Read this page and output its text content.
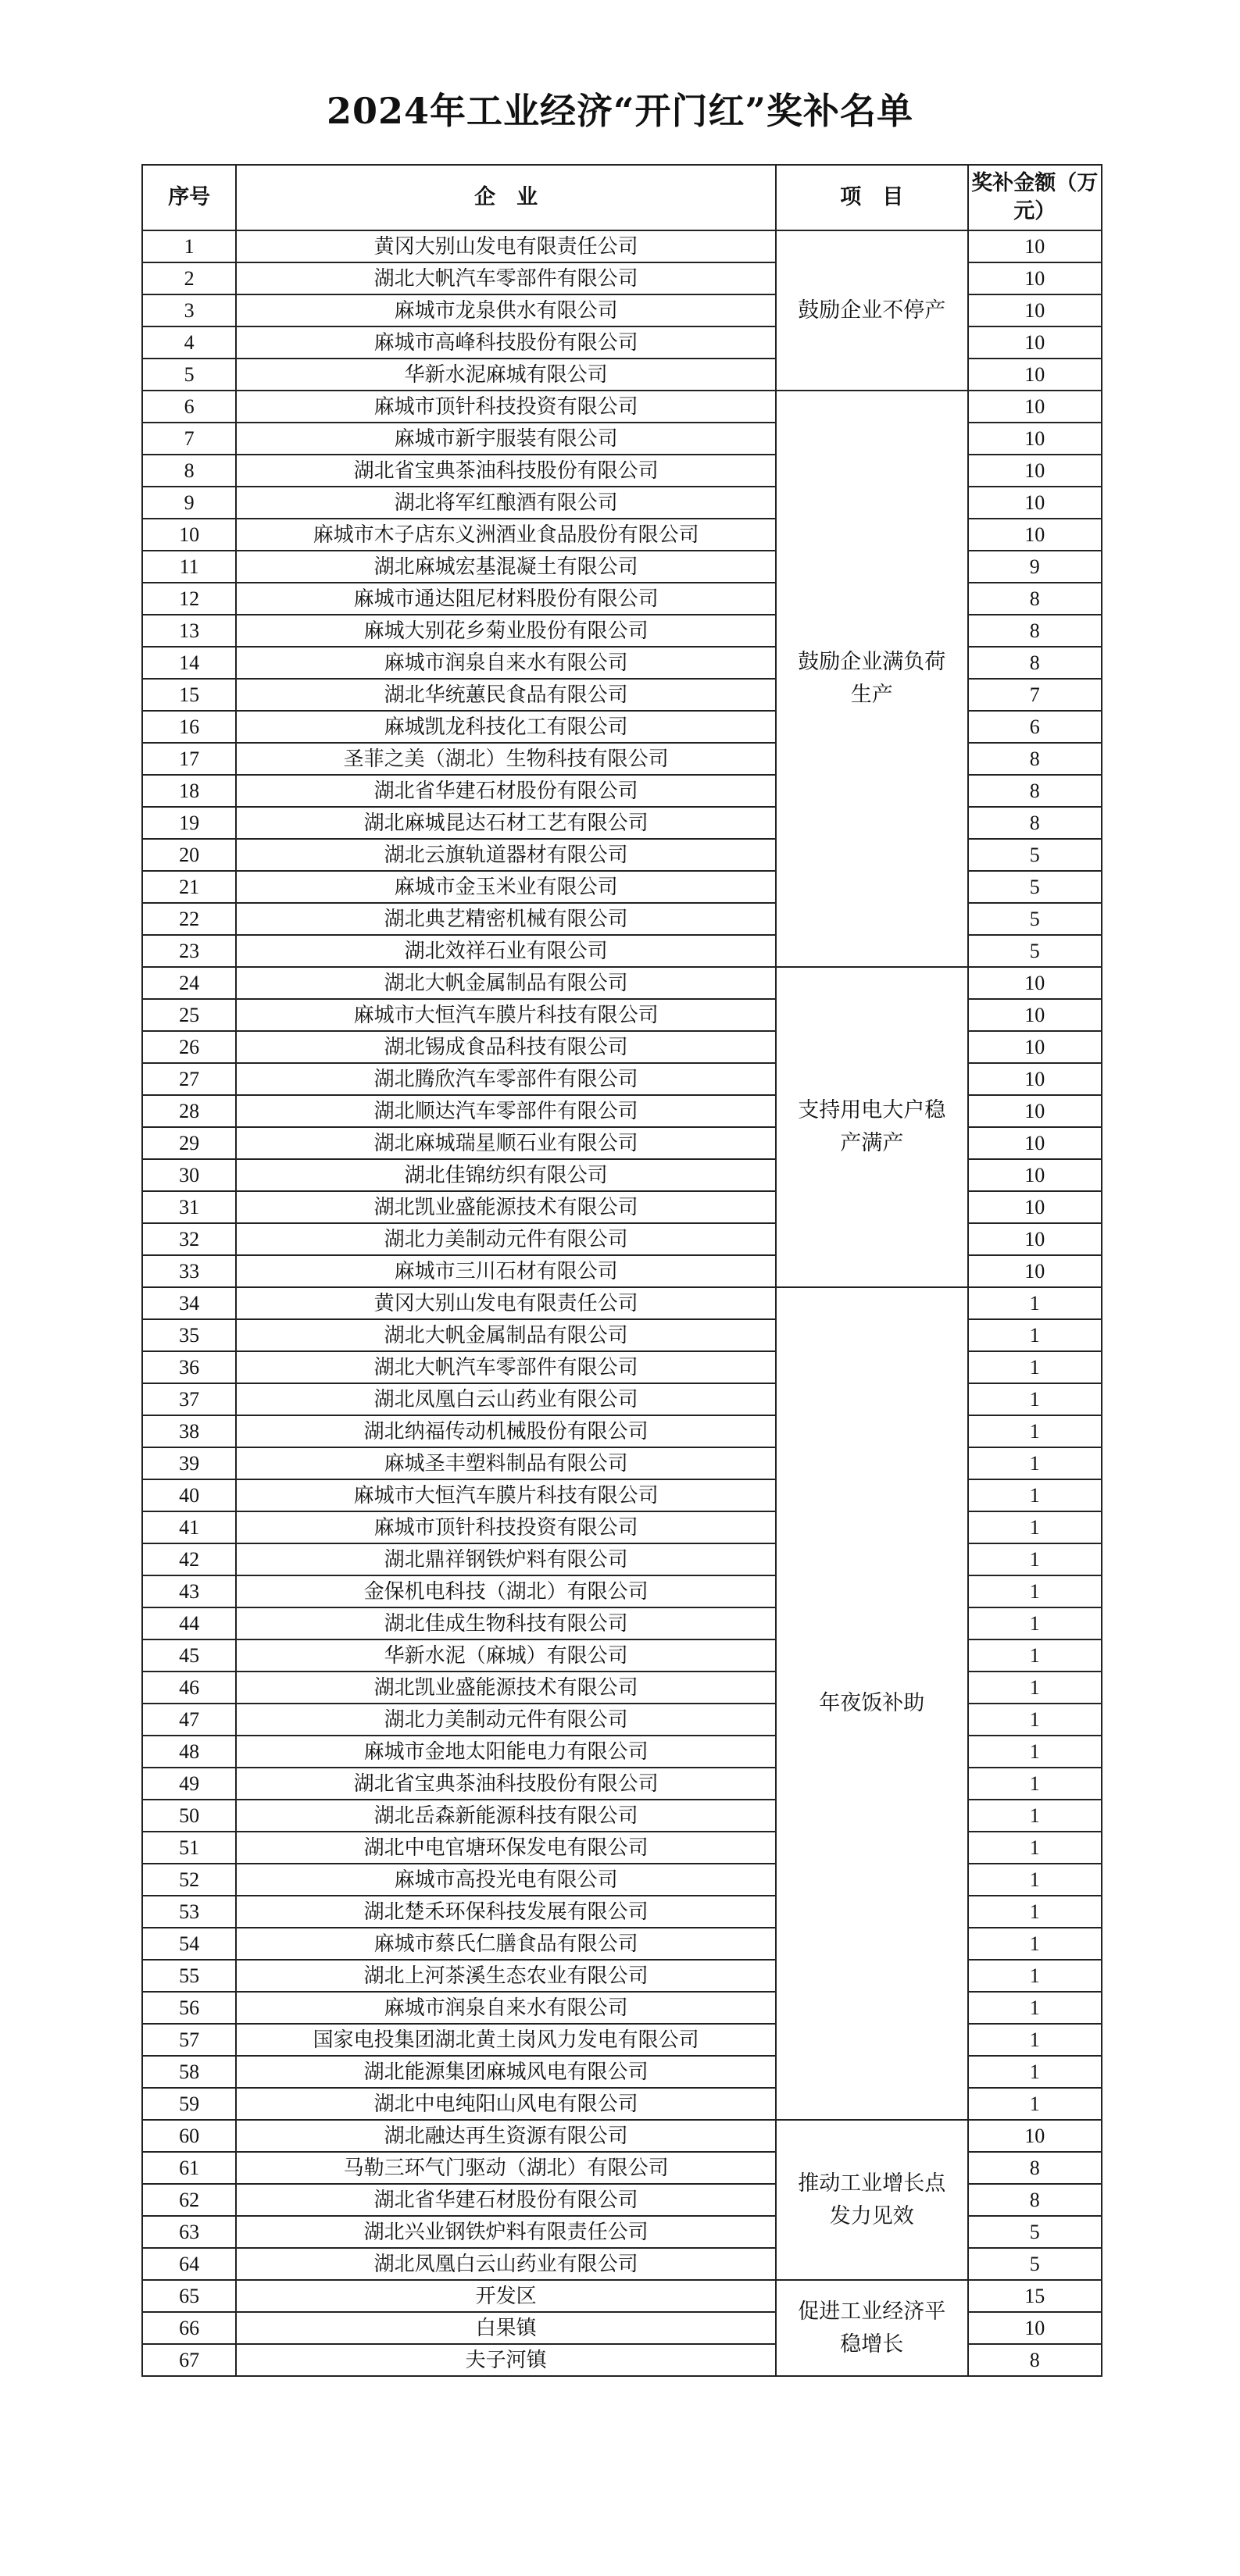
2024年工业经济“开门红”奖补名单
序号	企　业	项　目	奖补金额（万元）
1	黄冈大别山发电有限责任公司	鼓励企业不停产	10
2	湖北大帆汽车零部件有限公司		10
3	麻城市龙泉供水有限公司		10
4	麻城市高峰科技股份有限公司		10
5	华新水泥麻城有限公司		10
6	麻城市顶针科技投资有限公司	鼓励企业满负荷生产	10
7	麻城市新宇服装有限公司		10
8	湖北省宝典茶油科技股份有限公司		10
9	湖北将军红酿酒有限公司		10
10	麻城市木子店东义洲酒业食品股份有限公司		10
11	湖北麻城宏基混凝土有限公司		9
12	麻城市通达阻尼材料股份有限公司		8
13	麻城大别花乡菊业股份有限公司		8
14	麻城市润泉自来水有限公司		8
15	湖北华统蕙民食品有限公司		7
16	麻城凯龙科技化工有限公司		6
17	圣菲之美（湖北）生物科技有限公司		8
18	湖北省华建石材股份有限公司		8
19	湖北麻城昆达石材工艺有限公司		8
20	湖北云旗轨道器材有限公司		5
21	麻城市金玉米业有限公司		5
22	湖北典艺精密机械有限公司		5
23	湖北效祥石业有限公司		5
24	湖北大帆金属制品有限公司	支持用电大户稳产满产	10
25	麻城市大恒汽车膜片科技有限公司		10
26	湖北锡成食品科技有限公司		10
27	湖北腾欣汽车零部件有限公司		10
28	湖北顺达汽车零部件有限公司		10
29	湖北麻城瑞星顺石业有限公司		10
30	湖北佳锦纺织有限公司		10
31	湖北凯业盛能源技术有限公司		10
32	湖北力美制动元件有限公司		10
33	麻城市三川石材有限公司		10
34	黄冈大别山发电有限责任公司	年夜饭补助	1
35	湖北大帆金属制品有限公司		1
36	湖北大帆汽车零部件有限公司		1
37	湖北凤凰白云山药业有限公司		1
38	湖北纳福传动机械股份有限公司		1
39	麻城圣丰塑料制品有限公司		1
40	麻城市大恒汽车膜片科技有限公司		1
41	麻城市顶针科技投资有限公司		1
42	湖北鼎祥钢铁炉料有限公司		1
43	金保机电科技（湖北）有限公司		1
44	湖北佳成生物科技有限公司		1
45	华新水泥（麻城）有限公司		1
46	湖北凯业盛能源技术有限公司		1
47	湖北力美制动元件有限公司		1
48	麻城市金地太阳能电力有限公司		1
49	湖北省宝典茶油科技股份有限公司		1
50	湖北岳森新能源科技有限公司		1
51	湖北中电官塘环保发电有限公司		1
52	麻城市高投光电有限公司		1
53	湖北楚禾环保科技发展有限公司		1
54	麻城市蔡氏仁膳食品有限公司		1
55	湖北上河茶溪生态农业有限公司		1
56	麻城市润泉自来水有限公司		1
57	国家电投集团湖北黄土岗风力发电有限公司		1
58	湖北能源集团麻城风电有限公司		1
59	湖北中电纯阳山风电有限公司		1
60	湖北融达再生资源有限公司	推动工业增长点发力见效	10
61	马勒三环气门驱动（湖北）有限公司		8
62	湖北省华建石材股份有限公司		8
63	湖北兴业钢铁炉料有限责任公司		5
64	湖北凤凰白云山药业有限公司		5
65	开发区	促进工业经济平稳增长	15
66	白果镇		10
67	夫子河镇		8
